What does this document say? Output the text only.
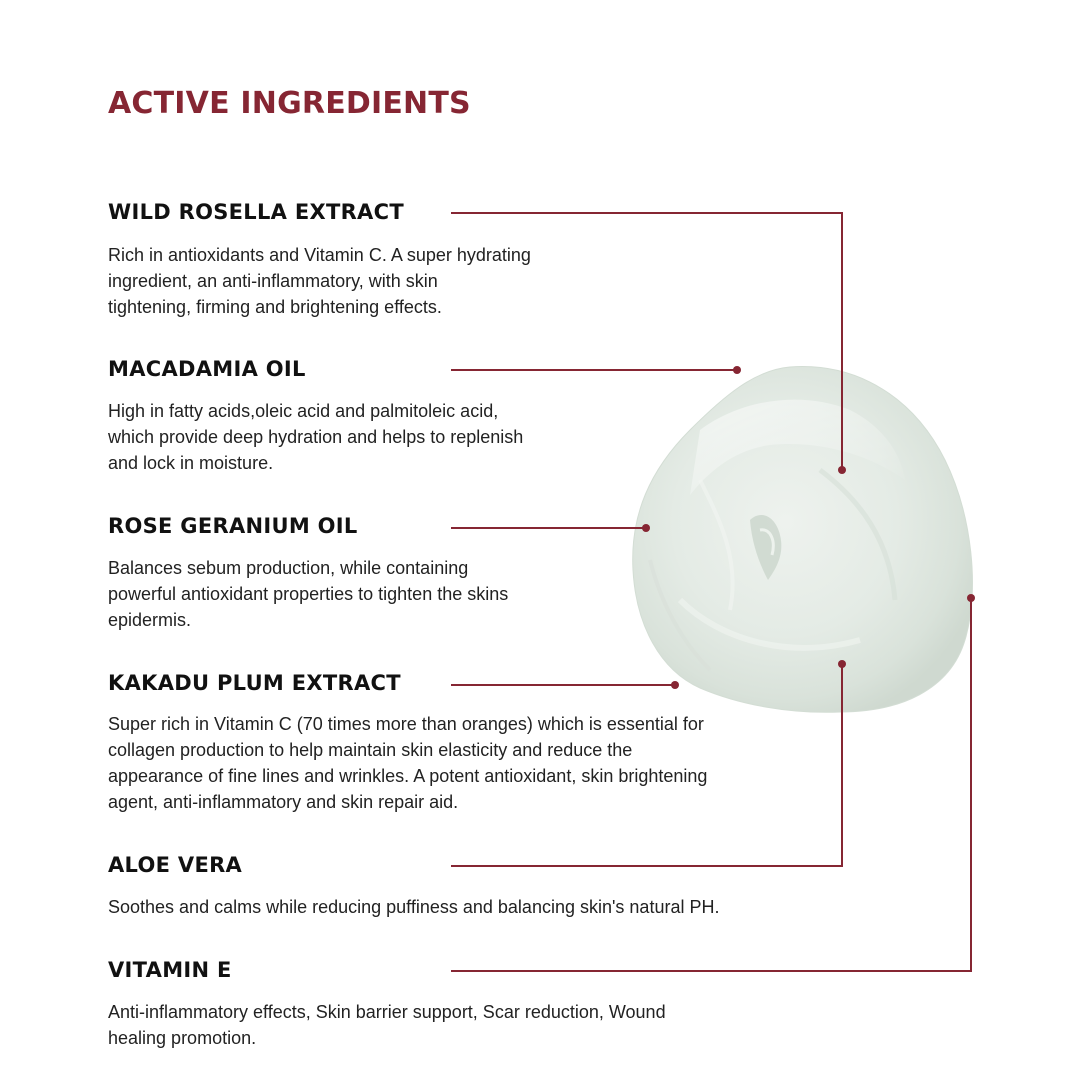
ACTIVE INGREDIENTS
WILD ROSELLA EXTRACT
Rich in antioxidants and Vitamin C. A super hydrating
ingredient, an anti-inflammatory, with skin
tightening, firming and brightening effects.
MACADAMIA OIL
High in fatty acids,oleic acid and palmitoleic acid,
which provide deep hydration and helps to replenish
and lock in moisture.
ROSE GERANIUM OIL
Balances sebum production, while containing
powerful antioxidant properties to tighten the skins
epidermis.
KAKADU PLUM EXTRACT
Super rich in Vitamin C (70 times more than oranges) which is essential for
collagen production to help maintain skin elasticity and reduce the
appearance of fine lines and wrinkles. A potent antioxidant, skin brightening
agent, anti-inflammatory and skin repair aid.
ALOE VERA
Soothes and calms while reducing puffiness and balancing skin's natural PH.
VITAMIN E
Anti-inflammatory effects, Skin barrier support, Scar reduction, Wound
healing promotion.
